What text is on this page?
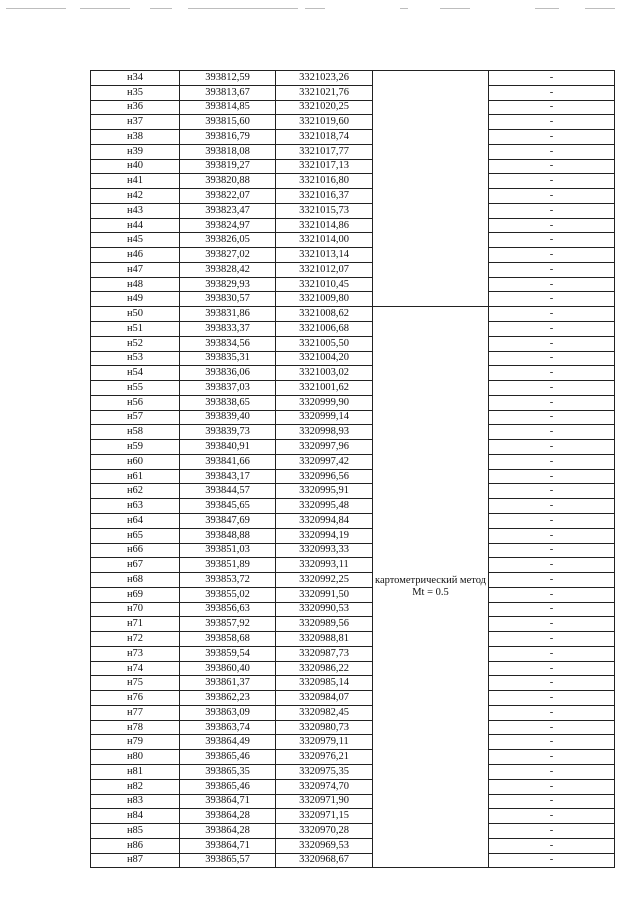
н34	393812,59	3321023,26		-
н35	393813,67	3321021,76		-
н36	393814,85	3321020,25		-
н37	393815,60	3321019,60		-
н38	393816,79	3321018,74		-
н39	393818,08	3321017,77		-
н40	393819,27	3321017,13		-
н41	393820,88	3321016,80		-
н42	393822,07	3321016,37		-
н43	393823,47	3321015,73		-
н44	393824,97	3321014,86		-
н45	393826,05	3321014,00		-
н46	393827,02	3321013,14		-
н47	393828,42	3321012,07		-
н48	393829,93	3321010,45		-
н49	393830,57	3321009,80		-
н50	393831,86	3321008,62	картометрический метод Mt = 0.5	-
н51	393833,37	3321006,68		-
н52	393834,56	3321005,50		-
н53	393835,31	3321004,20		-
н54	393836,06	3321003,02		-
н55	393837,03	3321001,62		-
н56	393838,65	3320999,90		-
н57	393839,40	3320999,14		-
н58	393839,73	3320998,93		-
н59	393840,91	3320997,96		-
н60	393841,66	3320997,42		-
н61	393843,17	3320996,56		-
н62	393844,57	3320995,91		-
н63	393845,65	3320995,48		-
н64	393847,69	3320994,84		-
н65	393848,88	3320994,19		-
н66	393851,03	3320993,33		-
н67	393851,89	3320993,11		-
н68	393853,72	3320992,25		-
н69	393855,02	3320991,50		-
н70	393856,63	3320990,53		-
н71	393857,92	3320989,56		-
н72	393858,68	3320988,81		-
н73	393859,54	3320987,73		-
н74	393860,40	3320986,22		-
н75	393861,37	3320985,14		-
н76	393862,23	3320984,07		-
н77	393863,09	3320982,45		-
н78	393863,74	3320980,73		-
н79	393864,49	3320979,11		-
н80	393865,46	3320976,21		-
н81	393865,35	3320975,35		-
н82	393865,46	3320974,70		-
н83	393864,71	3320971,90		-
н84	393864,28	3320971,15		-
н85	393864,28	3320970,28		-
н86	393864,71	3320969,53		-
н87	393865,57	3320968,67		-
